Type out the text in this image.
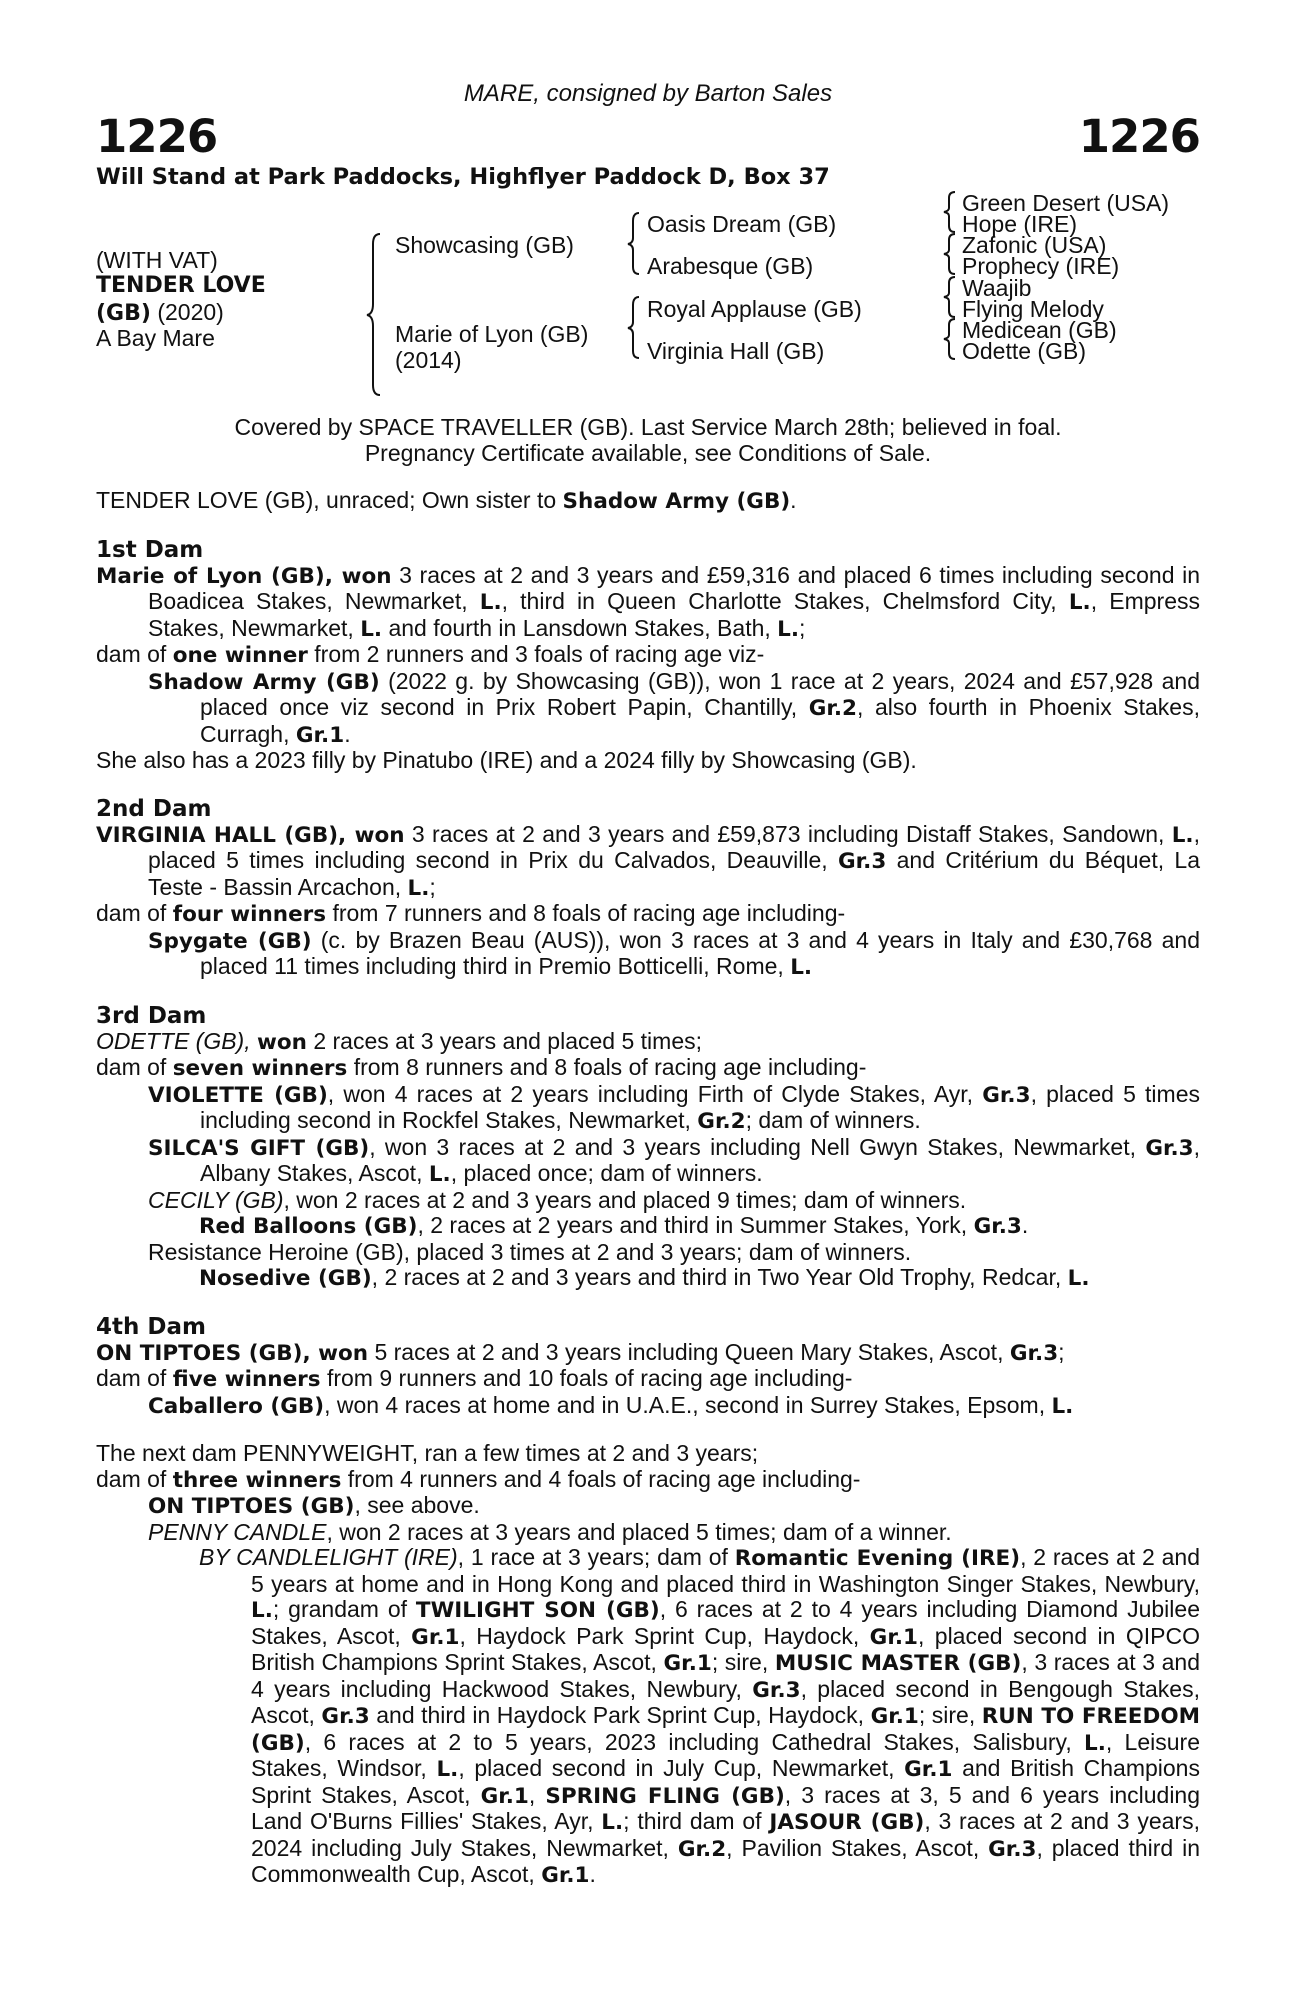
MARE, consigned by Barton Sales
1226	1226
Will Stand at Park Paddocks, Highflyer Paddock D, Box 37
(WITH VAT)
TENDER LOVE
(GB) (2020)
A Bay Mare
Showcasing (GB)
Marie of Lyon (GB)
(2014)
Oasis Dream (GB)
Arabesque (GB)
Royal Applause (GB)
Virginia Hall (GB)
Green Desert (USA)
Hope (IRE)
Zafonic (USA)
Prophecy (IRE)
Waajib
Flying Melody
Medicean (GB)
Odette (GB)
Covered by SPACE TRAVELLER (GB). Last Service March 28th; believed in foal.
Pregnancy Certificate available, see Conditions of Sale.
TENDER LOVE (GB), unraced; Own sister to Shadow Army (GB).
1st Dam
Marie of Lyon (GB), won 3 races at 2 and 3 years and £59,316 and placed 6 times including second in Boadicea Stakes, Newmarket, L., third in Queen Charlotte Stakes, Chelmsford City, L., Empress Stakes, Newmarket, L. and fourth in Lansdown Stakes, Bath, L.;
dam of one winner from 2 runners and 3 foals of racing age viz-
Shadow Army (GB) (2022 g. by Showcasing (GB)), won 1 race at 2 years, 2024 and £57,928 and placed once viz second in Prix Robert Papin, Chantilly, Gr.2, also fourth in Phoenix Stakes, Curragh, Gr.1.
She also has a 2023 filly by Pinatubo (IRE) and a 2024 filly by Showcasing (GB).
2nd Dam
VIRGINIA HALL (GB), won 3 races at 2 and 3 years and £59,873 including Distaff Stakes, Sandown, L., placed 5 times including second in Prix du Calvados, Deauville, Gr.3 and Critérium du Béquet, La Teste - Bassin Arcachon, L.;
dam of four winners from 7 runners and 8 foals of racing age including-
Spygate (GB) (c. by Brazen Beau (AUS)), won 3 races at 3 and 4 years in Italy and £30,768 and placed 11 times including third in Premio Botticelli, Rome, L.
3rd Dam
ODETTE (GB), won 2 races at 3 years and placed 5 times;
dam of seven winners from 8 runners and 8 foals of racing age including-
VIOLETTE (GB), won 4 races at 2 years including Firth of Clyde Stakes, Ayr, Gr.3, placed 5 times including second in Rockfel Stakes, Newmarket, Gr.2; dam of winners.
SILCA'S GIFT (GB), won 3 races at 2 and 3 years including Nell Gwyn Stakes, Newmarket, Gr.3, Albany Stakes, Ascot, L., placed once; dam of winners.
CECILY (GB), won 2 races at 2 and 3 years and placed 9 times; dam of winners.
Red Balloons (GB), 2 races at 2 years and third in Summer Stakes, York, Gr.3.
Resistance Heroine (GB), placed 3 times at 2 and 3 years; dam of winners.
Nosedive (GB), 2 races at 2 and 3 years and third in Two Year Old Trophy, Redcar, L.
4th Dam
ON TIPTOES (GB), won 5 races at 2 and 3 years including Queen Mary Stakes, Ascot, Gr.3;
dam of five winners from 9 runners and 10 foals of racing age including-
Caballero (GB), won 4 races at home and in U.A.E., second in Surrey Stakes, Epsom, L.
The next dam PENNYWEIGHT, ran a few times at 2 and 3 years;
dam of three winners from 4 runners and 4 foals of racing age including-
ON TIPTOES (GB), see above.
PENNY CANDLE, won 2 races at 3 years and placed 5 times; dam of a winner.
BY CANDLELIGHT (IRE), 1 race at 3 years; dam of Romantic Evening (IRE), 2 races at 2 and 5 years at home and in Hong Kong and placed third in Washington Singer Stakes, Newbury, L.; grandam of TWILIGHT SON (GB), 6 races at 2 to 4 years including Diamond Jubilee Stakes, Ascot, Gr.1, Haydock Park Sprint Cup, Haydock, Gr.1, placed second in QIPCO British Champions Sprint Stakes, Ascot, Gr.1; sire, MUSIC MASTER (GB), 3 races at 3 and 4 years including Hackwood Stakes, Newbury, Gr.3, placed second in Bengough Stakes, Ascot, Gr.3 and third in Haydock Park Sprint Cup, Haydock, Gr.1; sire, RUN TO FREEDOM (GB), 6 races at 2 to 5 years, 2023 including Cathedral Stakes, Salisbury, L., Leisure Stakes, Windsor, L., placed second in July Cup, Newmarket, Gr.1 and British Champions Sprint Stakes, Ascot, Gr.1, SPRING FLING (GB), 3 races at 3, 5 and 6 years including Land O'Burns Fillies' Stakes, Ayr, L.; third dam of JASOUR (GB), 3 races at 2 and 3 years, 2024 including July Stakes, Newmarket, Gr.2, Pavilion Stakes, Ascot, Gr.3, placed third in Commonwealth Cup, Ascot, Gr.1.
